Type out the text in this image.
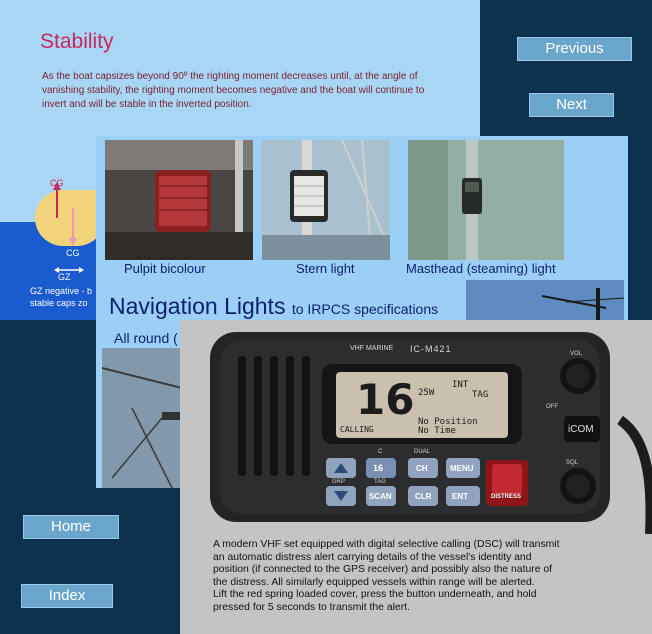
Stability
As the boat capsizes beyond 90º the righting moment decreases until, at the angle of vanishing stability, the righting moment becomes negative and the boat will continue to invert and will be stable in the inverted position.
CG
CG
GZ
GZ negative - b
stable caps zo
Previous
Next
Home
Index
Pulpit bicolour	Stern light	Masthead (steaming) light
Navigation Lights to IRPCS specifications
All round (
VHF MARINE IC-M421
16 25W
INT
TAG
CALLING
No Position
No Time
VOL
OFF
SQL
iCOM
C	DUAL
GRP	TAG
16	CH	MENU
SCAN	CLR	ENT	DISTRESS
A modern VHF set equipped with digital selective calling (DSC) will transmit
an automatic distress alert carrying details of the vessel's identity and
position (if connected to the GPS receiver) and possibly also the nature of
the distress. All similarly equipped vessels within range will be alerted.
Lift the red spring loaded cover, press the button underneath, and hold
pressed for 5 seconds to transmit the alert.
